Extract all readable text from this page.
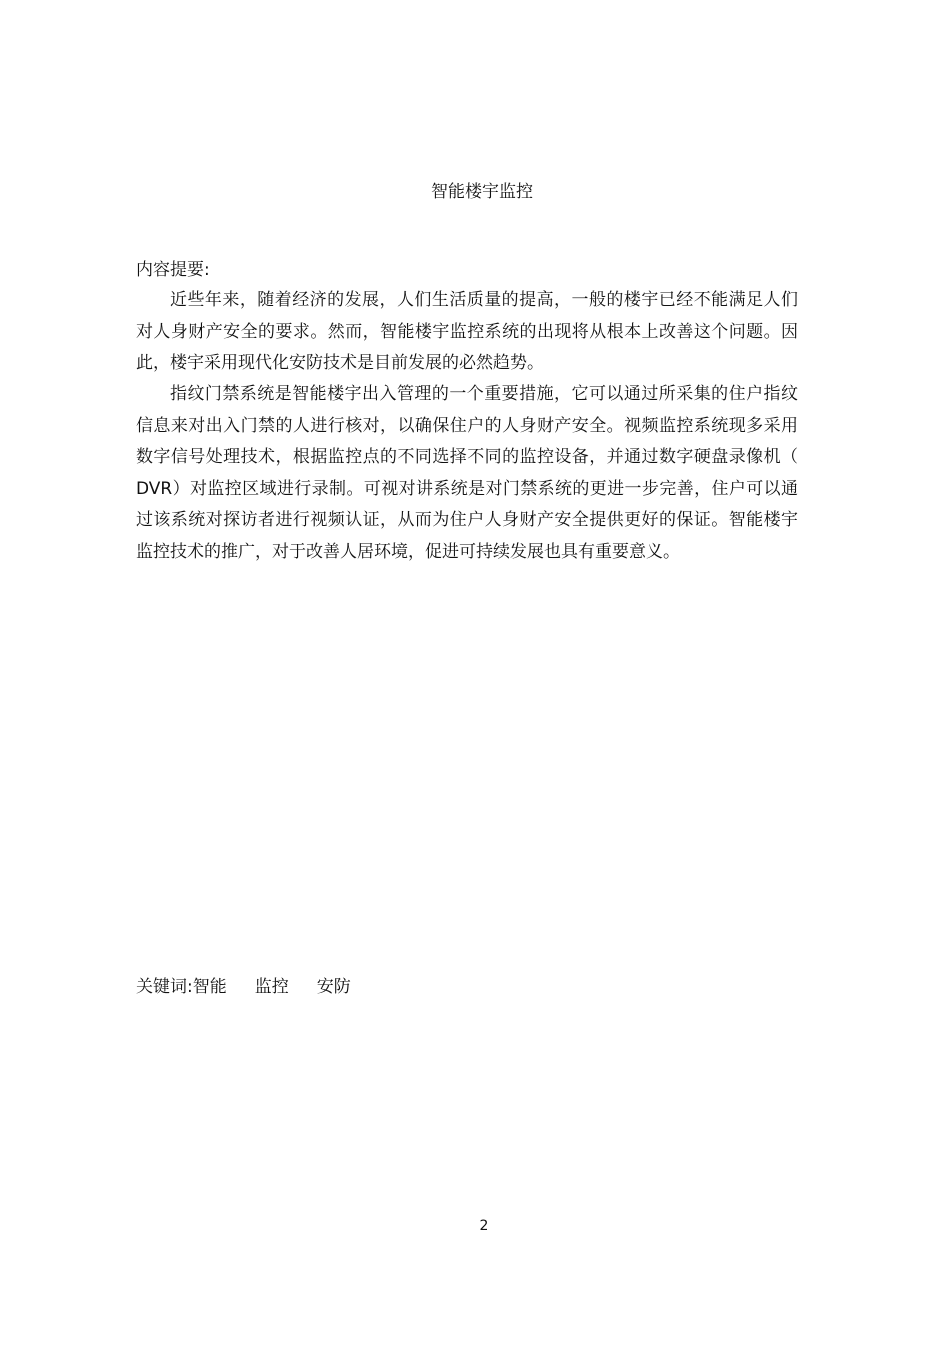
智能楼宇监控
内容提要:

近些年来，随着经济的发展，人们生活质量的提高，一般的楼宇已经不能满足人们对人身财产安全的要求。然而，智能楼宇监控系统的出现将从根本上改善这个问题。因此，楼宇采用现代化安防技术是目前发展的必然趋势。

指纹门禁系统是智能楼宇出入管理的一个重要措施，它可以通过所采集的住户指纹信息来对出入门禁的人进行核对，以确保住户的人身财产安全。视频监控系统现多采用数字信号处理技术，根据监控点的不同选择不同的监控设备，并通过数字硬盘录像机（ DVR）对监控区域进行录制。可视对讲系统是对门禁系统的更进一步完善，住户可以通过该系统对探访者进行视频认证，从而为住户人身财产安全提供更好的保证。智能楼宇监控技术的推广，对于改善人居环境，促进可持续发展也具有重要意义。

关键词:智能 监控 安防
2
